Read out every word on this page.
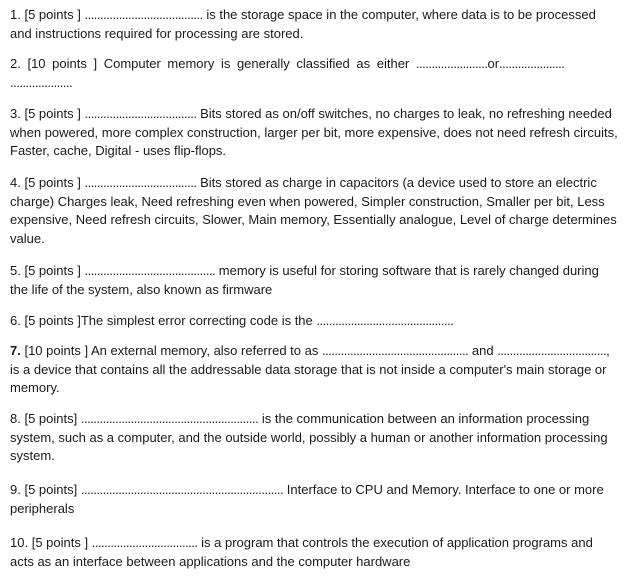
1. [5 points ] ...................................... is the storage space in the computer, where data is to be processed and instructions required for processing are stored.
2. [10 points ] Computer memory is generally classified as either .......................or.....................
....................
3. [5 points ] .................................... Bits stored as on/off switches, no charges to leak, no refreshing needed when powered, more complex construction, larger per bit, more expensive, does not need refresh circuits, Faster, cache, Digital - uses flip-flops.
4. [5 points ] .................................... Bits stored as charge in capacitors (a device used to store an electric charge) Charges leak, Need refreshing even when powered, Simpler construction, Smaller per bit, Less expensive, Need refresh circuits, Slower, Main memory, Essentially analogue, Level of charge determines value.
5. [5 points ] .......................................... memory is useful for storing software that is rarely changed during the life of the system, also known as firmware
6. [5 points ]The simplest error correcting code is the ............................................
7. [10 points ] An external memory, also referred to as ............................................... and ..................................., is a device that contains all the addressable data storage that is not inside a computer's main storage or memory.
8. [5 points] ......................................................... is the communication between an information processing system, such as a computer, and the outside world, possibly a human or another information processing system.
9. [5 points] ................................................................. Interface to CPU and Memory. Interface to one or more peripherals
10. [5 points ] .................................. is a program that controls the execution of application programs and acts as an interface between applications and the computer hardware
